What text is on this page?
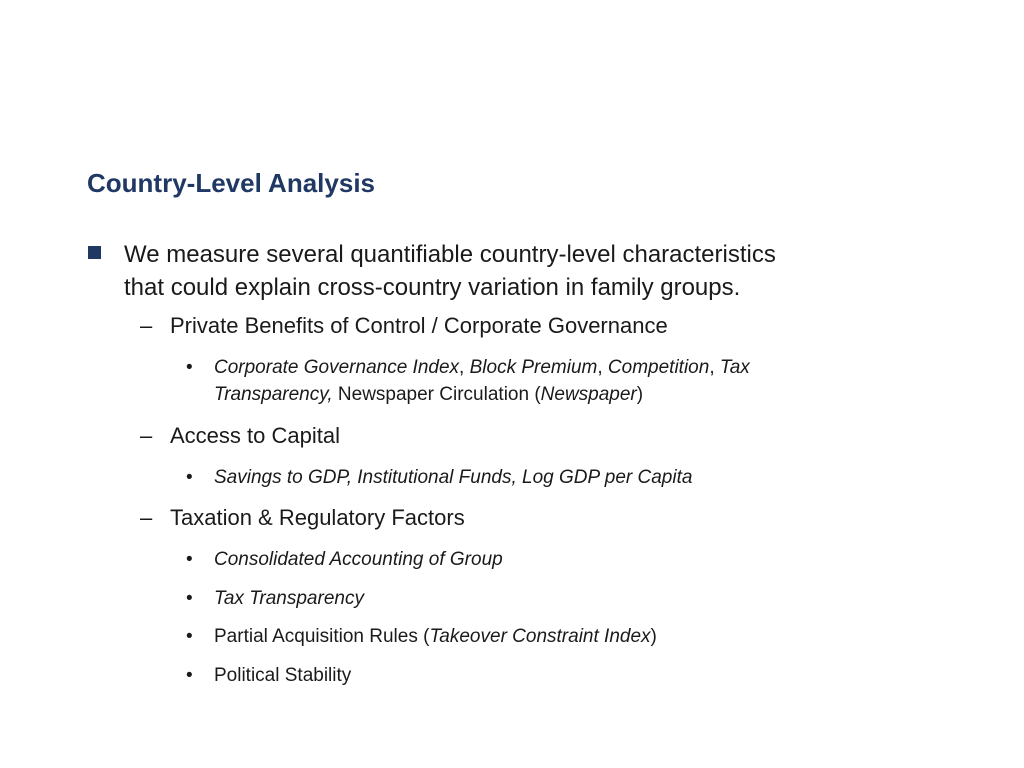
Country-Level Analysis
We measure several quantifiable country-level characteristics
that could explain cross-country variation in family groups.
– Private Benefits of Control / Corporate Governance
• Corporate Governance Index, Block Premium, Competition, Tax
Transparency, Newspaper Circulation (Newspaper)
– Access to Capital
• Savings to GDP, Institutional Funds, Log GDP per Capita
– Taxation & Regulatory Factors
• Consolidated Accounting of Group
• Tax Transparency
• Partial Acquisition Rules (Takeover Constraint Index)
• Political Stability
